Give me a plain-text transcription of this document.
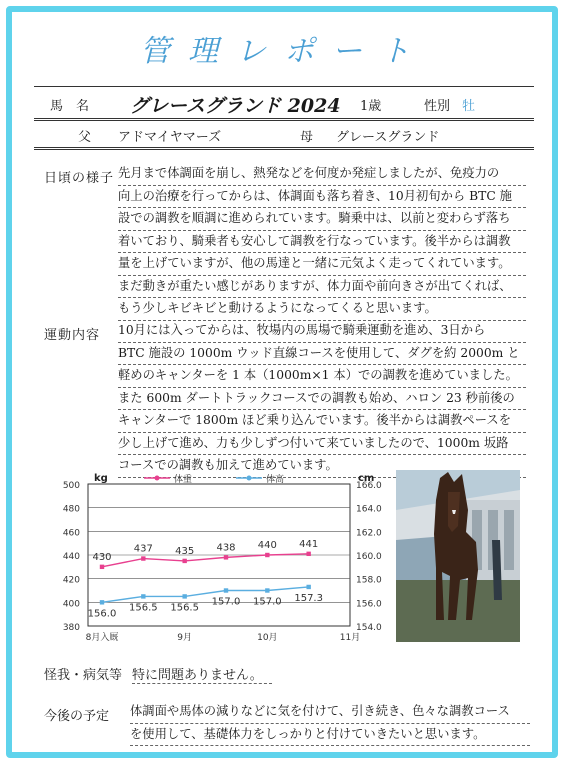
管理レポート
馬　名 グレースグランド 2024 1歳	性別 牡
父 アドマイヤマーズ	母 グレースグランド
日頃の様子 先月まで体調面を崩し、熱発などを何度か発症しましたが、免疫力の
向上の治療を行ってからは、体調面も落ち着き、10月初旬から BTC 施
設での調教を順調に進められています。騎乗中は、以前と変わらず落ち
着いており、騎乗者も安心して調教を行なっています。後半からは調教
量を上げていますが、他の馬達と一緒に元気よく走ってくれています。
まだ動きが重たい感じがありますが、体力面や前向きさが出てくれば、
もう少しキビキビと動けるようになってくると思います。
運動内容 10月には入ってからは、牧場内の馬場で騎乗運動を進め、3日から
BTC 施設の 1000m ウッド直線コースを使用して、ダグを約 2000m と
軽めのキャンターを 1 本（1000m×1 本）での調教を進めていました。
また 600m ダートトラックコースでの調教も始め、ハロン 23 秒前後の
キャンターで 1800m ほど乗り込んでいます。後半からは調教ペースを
少し上げて進め、力も少しずつ付いて来ていましたので、1000m 坂路
コースでの調教も加えて進めています。
500
480
460
440
420
400
380
166.0
164.0
162.0
160.0
158.0
156.0
154.0
kg	cm
8月入厩	9月	10月	11月
体重	体高
430
437 435 438 440 441
156.0
156.5 156.5
157.0 157.0 157.3
怪我・病気等 特に問題ありません。
今後の予定 体調面や馬体の減りなどに気を付けて、引き続き、色々な調教コース
を使用して、基礎体力をしっかりと付けていきたいと思います。
